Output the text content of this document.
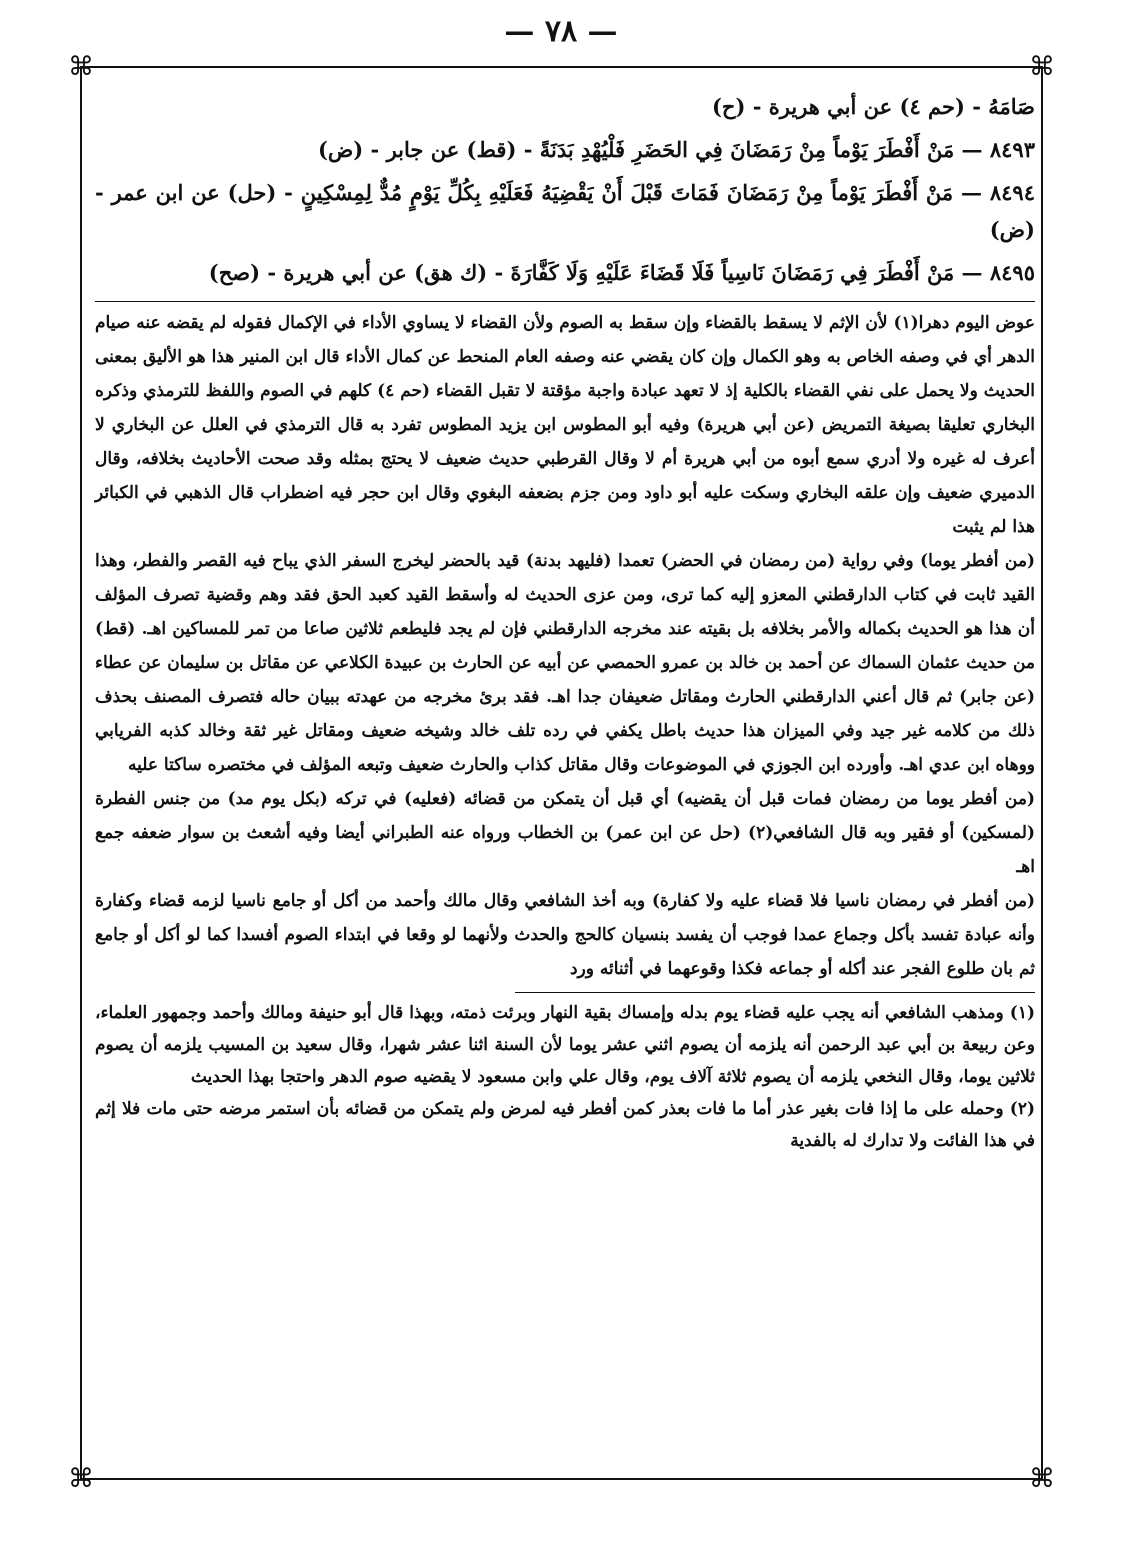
— ٧٨ —
⌘	⌘
⌘	⌘

صَامَهُ - (حم ٤) عن أبي هريرة - (ح)

٨٤٩٣ — مَنْ أَفْطَرَ يَوْماً مِنْ رَمَضَانَ فِي الحَضَرِ فَلْيُهْدِ بَدَنَةً - (قط) عن جابر - (ض)

٨٤٩٤ — مَنْ أَفْطَرَ يَوْماً مِنْ رَمَضَانَ فَمَاتَ قَبْلَ أَنْ يَقْضِيَهُ فَعَلَيْهِ بِكُلِّ يَوْمٍ مُدٌّ لِمِسْكِينٍ - (حل) عن ابن عمر - (ض)

٨٤٩٥ — مَنْ أَفْطَرَ فِي رَمَضَانَ نَاسِياً فَلَا قَضَاءَ عَلَيْهِ وَلَا كَفَّارَةَ - (ك هق) عن أبي هريرة - (صح)

عوض اليوم دهرا(١) لأن الإثم لا يسقط بالقضاء وإن سقط به الصوم ولأن القضاء لا يساوي الأداء في الإكمال فقوله لم يقضه عنه صيام الدهر أي في وصفه الخاص به وهو الكمال وإن كان يقضي عنه وصفه العام المنحط عن كمال الأداء قال ابن المنير هذا هو الأليق بمعنى الحديث ولا يحمل على نفي القضاء بالكلية إذ لا تعهد عبادة واجبة مؤقتة لا تقبل القضاء (حم ٤) كلهم في الصوم واللفظ للترمذي وذكره البخاري تعليقا بصيغة التمريض (عن أبي هريرة) وفيه أبو المطوس ابن يزيد المطوس تفرد به قال الترمذي في العلل عن البخاري لا أعرف له غيره ولا أدري سمع أبوه من أبي هريرة أم لا وقال القرطبي حديث ضعيف لا يحتج بمثله وقد صحت الأحاديث بخلافه، وقال الدميري ضعيف وإن علقه البخاري وسكت عليه أبو داود ومن جزم بضعفه البغوي وقال ابن حجر فيه اضطراب قال الذهبي في الكبائر هذا لم يثبت

(من أفطر يوما) وفي رواية (من رمضان في الحضر) تعمدا (فليهد بدنة) قيد بالحضر ليخرج السفر الذي يباح فيه القصر والفطر، وهذا القيد ثابت في كتاب الدارقطني المعزو إليه كما ترى، ومن عزى الحديث له وأسقط القيد كعبد الحق فقد وهم وقضية تصرف المؤلف أن هذا هو الحديث بكماله والأمر بخلافه بل بقيته عند مخرجه الدارقطني فإن لم يجد فليطعم ثلاثين صاعا من تمر للمساكين اهـ. (قط) من حديث عثمان السماك عن أحمد بن خالد بن عمرو الحمصي عن أبيه عن الحارث بن عبيدة الكلاعي عن مقاتل بن سليمان عن عطاء (عن جابر) ثم قال أعني الدارقطني الحارث ومقاتل ضعيفان جدا اهـ. فقد برئ مخرجه من عهدته ببيان حاله فتصرف المصنف بحذف ذلك من كلامه غير جيد وفي الميزان هذا حديث باطل يكفي في رده تلف خالد وشيخه ضعيف ومقاتل غير ثقة وخالد كذبه الفريابي ووهاه ابن عدي اهـ. وأورده ابن الجوزي في الموضوعات وقال مقاتل كذاب والحارث ضعيف وتبعه المؤلف في مختصره ساكتا عليه

(من أفطر يوما من رمضان فمات قبل أن يقضيه) أي قبل أن يتمكن من قضائه (فعليه) في تركه (بكل يوم مد) من جنس الفطرة (لمسكين) أو فقير وبه قال الشافعي(٢) (حل عن ابن عمر) بن الخطاب ورواه عنه الطبراني أيضا وفيه أشعث بن سوار ضعفه جمع اهـ

(من أفطر في رمضان ناسيا فلا قضاء عليه ولا كفارة) وبه أخذ الشافعي وقال مالك وأحمد من أكل أو جامع ناسيا لزمه قضاء وكفارة وأنه عبادة تفسد بأكل وجماع عمدا فوجب أن يفسد بنسيان كالحج والحدث ولأنهما لو وقعا في ابتداء الصوم أفسدا كما لو أكل أو جامع ثم بان طلوع الفجر عند أكله أو جماعه فكذا وقوعهما في أثنائه ورد

(١) ومذهب الشافعي أنه يجب عليه قضاء يوم بدله وإمساك بقية النهار وبرئت ذمته، وبهذا قال أبو حنيفة ومالك وأحمد وجمهور العلماء، وعن ربيعة بن أبي عبد الرحمن أنه يلزمه أن يصوم اثني عشر يوما لأن السنة اثنا عشر شهرا، وقال سعيد بن المسيب يلزمه أن يصوم ثلاثين يوما، وقال النخعي يلزمه أن يصوم ثلاثة آلاف يوم، وقال علي وابن مسعود لا يقضيه صوم الدهر واحتجا بهذا الحديث

(٢) وحمله على ما إذا فات بغير عذر أما ما فات بعذر كمن أفطر فيه لمرض ولم يتمكن من قضائه بأن استمر مرضه حتى مات فلا إثم في هذا الفائت ولا تدارك له بالفدية
